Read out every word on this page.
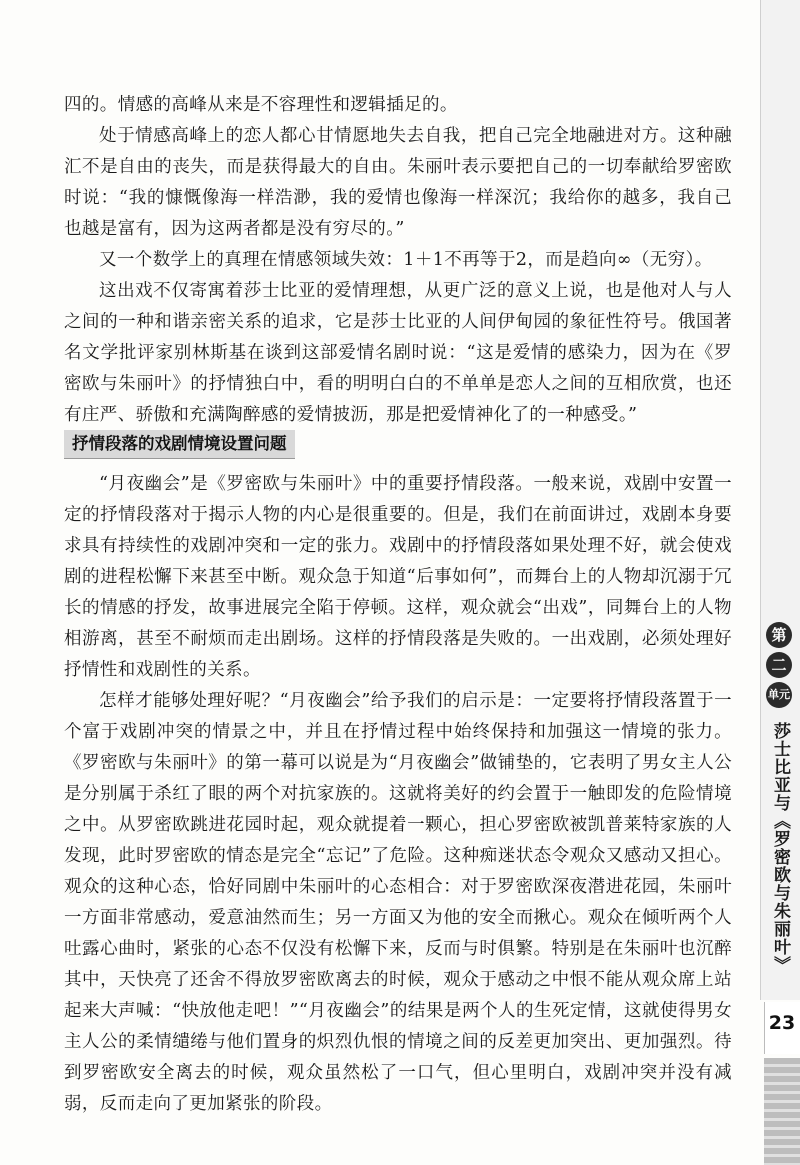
四的。情感的高峰从来是不容理性和逻辑插足的。

处于情感高峰上的恋人都心甘情愿地失去自我，把自己完全地融进对方。这种融汇不是自由的丧失，而是获得最大的自由。朱丽叶表示要把自己的一切奉献给罗密欧时说：“我的慷慨像海一样浩渺，我的爱情也像海一样深沉；我给你的越多，我自己也越是富有，因为这两者都是没有穷尽的。”

又一个数学上的真理在情感领域失效：1＋1不再等于2，而是趋向∞（无穷）。

这出戏不仅寄寓着莎士比亚的爱情理想，从更广泛的意义上说，也是他对人与人之间的一种和谐亲密关系的追求，它是莎士比亚的人间伊甸园的象征性符号。俄国著名文学批评家别林斯基在谈到这部爱情名剧时说：“这是爱情的感染力，因为在《罗密欧与朱丽叶》的抒情独白中，看的明明白白的不单单是恋人之间的互相欣赏，也还有庄严、骄傲和充满陶醉感的爱情披沥，那是把爱情神化了的一种感受。”

抒情段落的戏剧情境设置问题

“月夜幽会”是《罗密欧与朱丽叶》中的重要抒情段落。一般来说，戏剧中安置一定的抒情段落对于揭示人物的内心是很重要的。但是，我们在前面讲过，戏剧本身要求具有持续性的戏剧冲突和一定的张力。戏剧中的抒情段落如果处理不好，就会使戏剧的进程松懈下来甚至中断。观众急于知道“后事如何”，而舞台上的人物却沉溺于冗长的情感的抒发，故事进展完全陷于停顿。这样，观众就会“出戏”，同舞台上的人物相游离，甚至不耐烦而走出剧场。这样的抒情段落是失败的。一出戏剧，必须处理好抒情性和戏剧性的关系。

怎样才能够处理好呢？“月夜幽会”给予我们的启示是：一定要将抒情段落置于一个富于戏剧冲突的情景之中，并且在抒情过程中始终保持和加强这一情境的张力。《罗密欧与朱丽叶》的第一幕可以说是为“月夜幽会”做铺垫的，它表明了男女主人公是分别属于杀红了眼的两个对抗家族的。这就将美好的约会置于一触即发的危险情境之中。从罗密欧跳进花园时起，观众就提着一颗心，担心罗密欧被凯普莱特家族的人发现，此时罗密欧的情态是完全“忘记”了危险。这种痴迷状态令观众又感动又担心。观众的这种心态，恰好同剧中朱丽叶的心态相合：对于罗密欧深夜潜进花园，朱丽叶一方面非常感动，爱意油然而生；另一方面又为他的安全而揪心。观众在倾听两个人吐露心曲时，紧张的心态不仅没有松懈下来，反而与时俱繁。特别是在朱丽叶也沉醉其中，天快亮了还舍不得放罗密欧离去的时候，观众于感动之中恨不能从观众席上站起来大声喊：“快放他走吧！”“月夜幽会”的结果是两个人的生死定情，这就使得男女主人公的柔情缱绻与他们置身的炽烈仇恨的情境之间的反差更加突出、更加强烈。待到罗密欧安全离去的时候，观众虽然松了一口气，但心里明白，戏剧冲突并没有减弱，反而走向了更加紧张的阶段。

第
二
单元
莎士比亚与《罗密欧与朱丽叶》
23
